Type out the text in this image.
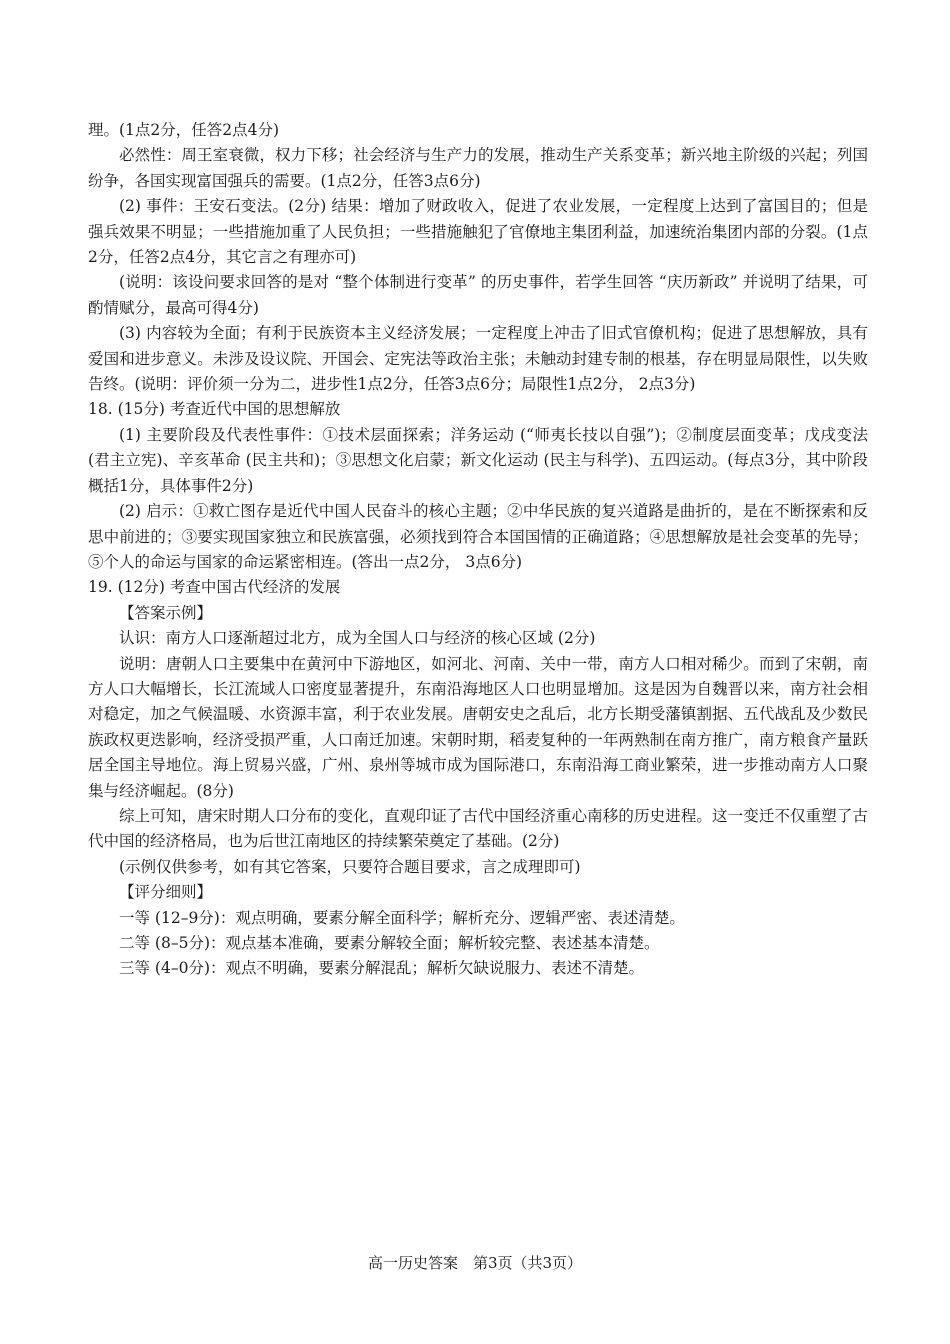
理。(1点2分，任答2点4分)
必然性：周王室衰微，权力下移；社会经济与生产力的发展，推动生产关系变革；新兴地主阶级的兴起；列国纷争，各国实现富国强兵的需要。(1点2分，任答3点6分)
(2) 事件：王安石变法。(2分) 结果：增加了财政收入，促进了农业发展，一定程度上达到了富国目的；但是强兵效果不明显；一些措施加重了人民负担；一些措施触犯了官僚地主集团利益，加速统治集团内部的分裂。(1点2分，任答2点4分，其它言之有理亦可)
(说明：该设问要求回答的是对 “整个体制进行变革” 的历史事件，若学生回答 “庆历新政” 并说明了结果，可酌情赋分，最高可得4分)
(3) 内容较为全面；有利于民族资本主义经济发展；一定程度上冲击了旧式官僚机构；促进了思想解放，具有爱国和进步意义。未涉及设议院、开国会、定宪法等政治主张；未触动封建专制的根基，存在明显局限性，以失败告终。(说明：评价须一分为二，进步性1点2分，任答3点6分；局限性1点2分， 2点3分)
18. (15分) 考查近代中国的思想解放
(1) 主要阶段及代表性事件：①技术层面探索；洋务运动 (“师夷长技以自强”)；②制度层面变革；戊戌变法 (君主立宪)、辛亥革命 (民主共和)；③思想文化启蒙；新文化运动 (民主与科学)、五四运动。(每点3分，其中阶段概括1分，具体事件2分)
(2) 启示：①救亡图存是近代中国人民奋斗的核心主题；②中华民族的复兴道路是曲折的，是在不断探索和反思中前进的；③要实现国家独立和民族富强，必须找到符合本国国情的正确道路；④思想解放是社会变革的先导；⑤个人的命运与国家的命运紧密相连。(答出一点2分， 3点6分)
19. (12分) 考查中国古代经济的发展
【答案示例】
认识：南方人口逐渐超过北方，成为全国人口与经济的核心区域 (2分)
说明：唐朝人口主要集中在黄河中下游地区，如河北、河南、关中一带，南方人口相对稀少。而到了宋朝，南方人口大幅增长，长江流域人口密度显著提升，东南沿海地区人口也明显增加。这是因为自魏晋以来，南方社会相对稳定，加之气候温暖、水资源丰富，利于农业发展。唐朝安史之乱后，北方长期受藩镇割据、五代战乱及少数民族政权更迭影响，经济受损严重，人口南迁加速。宋朝时期，稻麦复种的一年两熟制在南方推广，南方粮食产量跃居全国主导地位。海上贸易兴盛，广州、泉州等城市成为国际港口，东南沿海工商业繁荣，进一步推动南方人口聚集与经济崛起。(8分)
综上可知，唐宋时期人口分布的变化，直观印证了古代中国经济重心南移的历史进程。这一变迁不仅重塑了古代中国的经济格局，也为后世江南地区的持续繁荣奠定了基础。(2分)
(示例仅供参考，如有其它答案，只要符合题目要求，言之成理即可)
【评分细则】
一等 (12–9分)：观点明确，要素分解全面科学；解析充分、逻辑严密、表述清楚。
二等 (8–5分)：观点基本准确，要素分解较全面；解析较完整、表述基本清楚。
三等 (4–0分)：观点不明确，要素分解混乱；解析欠缺说服力、表述不清楚。
高一历史答案　第3页（共3页）
